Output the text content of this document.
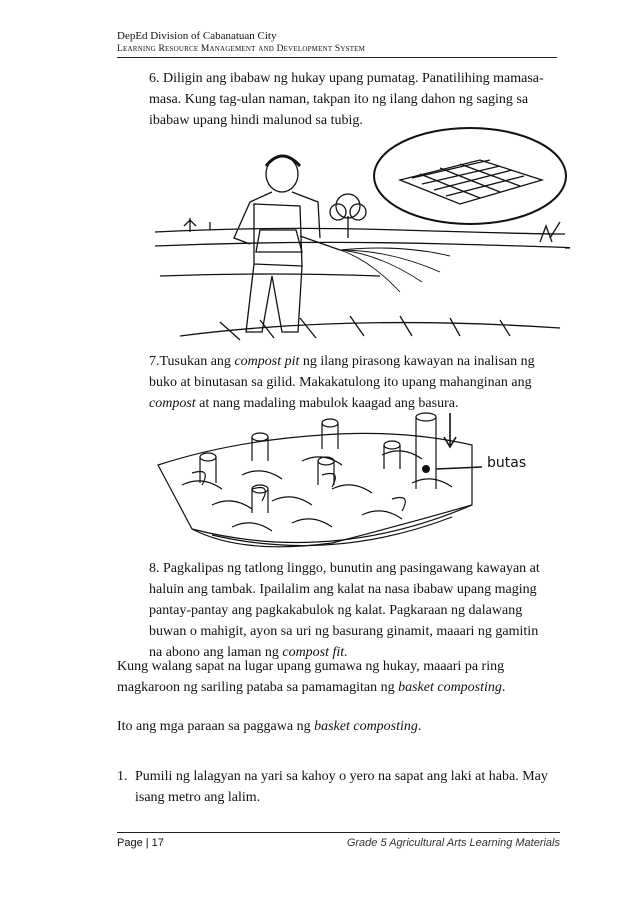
DepEd Division of Cabanatuan City
Learning Resource Management and Development System
6. Diligin ang ibabaw ng hukay upang pumatag. Panatilihing mamasa-
masa. Kung tag-ulan naman, takpan ito ng ilang dahon ng saging sa
ibabaw upang hindi malunod sa tubig.
7.Tusukan ang compost pit ng ilang pirasong kawayan na inalisan ng
buko at binutasan sa gilid. Makakatulong ito upang mahanginan ang
compost at nang madaling mabulok kaagad ang basura.
butas
8. Pagkalipas ng tatlong linggo, bunutin ang pasingawang kawayan at
haluin ang tambak. Ipailalim ang kalat na nasa ibabaw upang maging
pantay-pantay ang pagkakabulok ng kalat. Pagkaraan ng dalawang
buwan o mahigit, ayon sa uri ng basurang ginamit, maaari ng gamitin
na abono ang laman ng compost fit.
Kung walang sapat na lugar upang gumawa ng hukay, maaari pa ring
magkaroon ng sariling pataba sa pamamagitan ng basket composting.
Ito ang mga paraan sa paggawa ng basket composting.
1. Pumili ng lalagyan na yari sa kahoy o yero na sapat ang laki at haba. May
isang metro ang lalim.
Page | 17	Grade 5 Agricultural Arts Learning Materials
